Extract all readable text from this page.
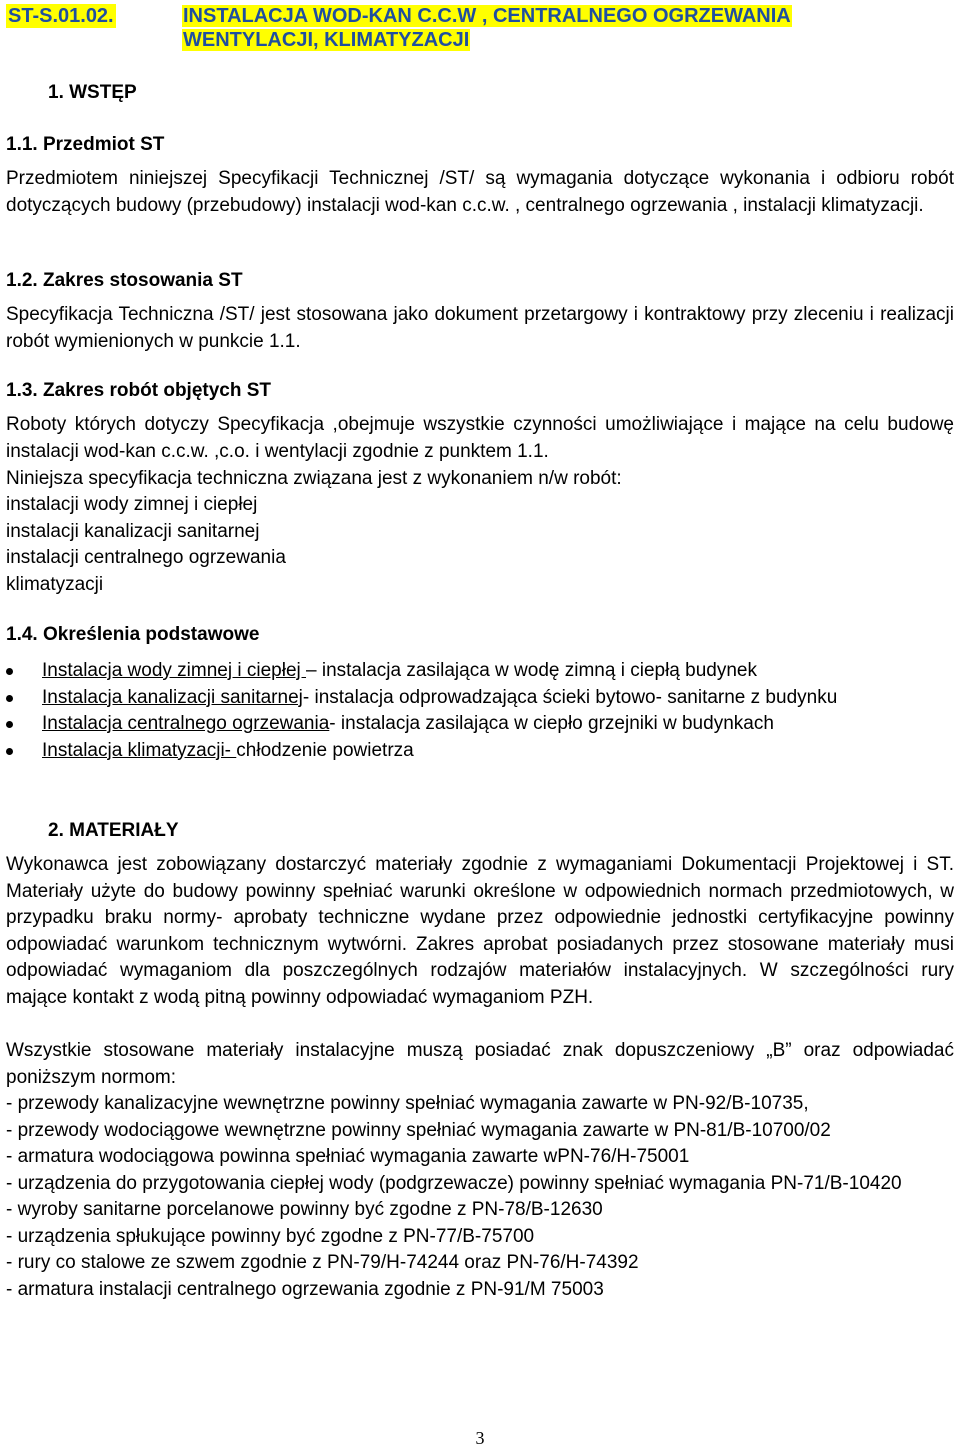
ST-S.01.02.	INSTALACJA WOD-KAN C.C.W , CENTRALNEGO OGRZEWANIA
WENTYLACJI, KLIMATYZACJI
1. WSTĘP
1.1. Przedmiot ST
Przedmiotem niniejszej Specyfikacji Technicznej /ST/ są wymagania dotyczące wykonania i odbioru robót dotyczących budowy (przebudowy) instalacji wod-kan c.c.w. , centralnego ogrzewania , instalacji klimatyzacji.
1.2. Zakres stosowania ST
Specyfikacja Techniczna /ST/ jest stosowana jako dokument przetargowy i kontraktowy przy zleceniu i realizacji robót wymienionych w punkcie 1.1.
1.3. Zakres robót objętych ST
Roboty których dotyczy Specyfikacja ,obejmuje wszystkie czynności umożliwiające i mające na celu budowę instalacji wod-kan c.c.w. ,c.o. i wentylacji zgodnie z punktem 1.1.
Niniejsza specyfikacja techniczna związana jest z wykonaniem n/w robót:
instalacji wody zimnej i ciepłej
instalacji kanalizacji sanitarnej
instalacji centralnego ogrzewania
klimatyzacji
1.4. Określenia podstawowe
Instalacja wody zimnej i ciepłej – instalacja zasilająca w wodę zimną i ciepłą budynek
Instalacja kanalizacji sanitarnej- instalacja odprowadzająca ścieki bytowo- sanitarne z budynku
Instalacja centralnego ogrzewania- instalacja zasilająca w ciepło grzejniki w budynkach
Instalacja klimatyzacji- chłodzenie powietrza
2. MATERIAŁY
Wykonawca jest zobowiązany dostarczyć materiały zgodnie z wymaganiami Dokumentacji Projektowej i ST. Materiały użyte do budowy powinny spełniać warunki określone w odpowiednich normach przedmiotowych, w przypadku braku normy- aprobaty techniczne wydane przez odpowiednie jednostki certyfikacyjne powinny odpowiadać warunkom technicznym wytwórni. Zakres aprobat posiadanych przez stosowane materiały musi odpowiadać wymaganiom dla poszczególnych rodzajów materiałów instalacyjnych. W szczególności rury mające kontakt z wodą pitną powinny odpowiadać wymaganiom PZH.
Wszystkie stosowane materiały instalacyjne muszą posiadać znak dopuszczeniowy „B” oraz odpowiadać poniższym normom:
- przewody kanalizacyjne wewnętrzne powinny spełniać wymagania zawarte w PN-92/B-10735,
- przewody wodociągowe wewnętrzne powinny spełniać wymagania zawarte w PN-81/B-10700/02
- armatura wodociągowa powinna spełniać wymagania zawarte wPN-76/H-75001
- urządzenia do przygotowania ciepłej wody (podgrzewacze) powinny spełniać wymagania PN-71/B-10420
- wyroby sanitarne porcelanowe powinny być zgodne z PN-78/B-12630
- urządzenia spłukujące powinny być zgodne z PN-77/B-75700
- rury co stalowe ze szwem zgodnie z PN-79/H-74244 oraz PN-76/H-74392
- armatura instalacji centralnego ogrzewania zgodnie z PN-91/M 75003
3
